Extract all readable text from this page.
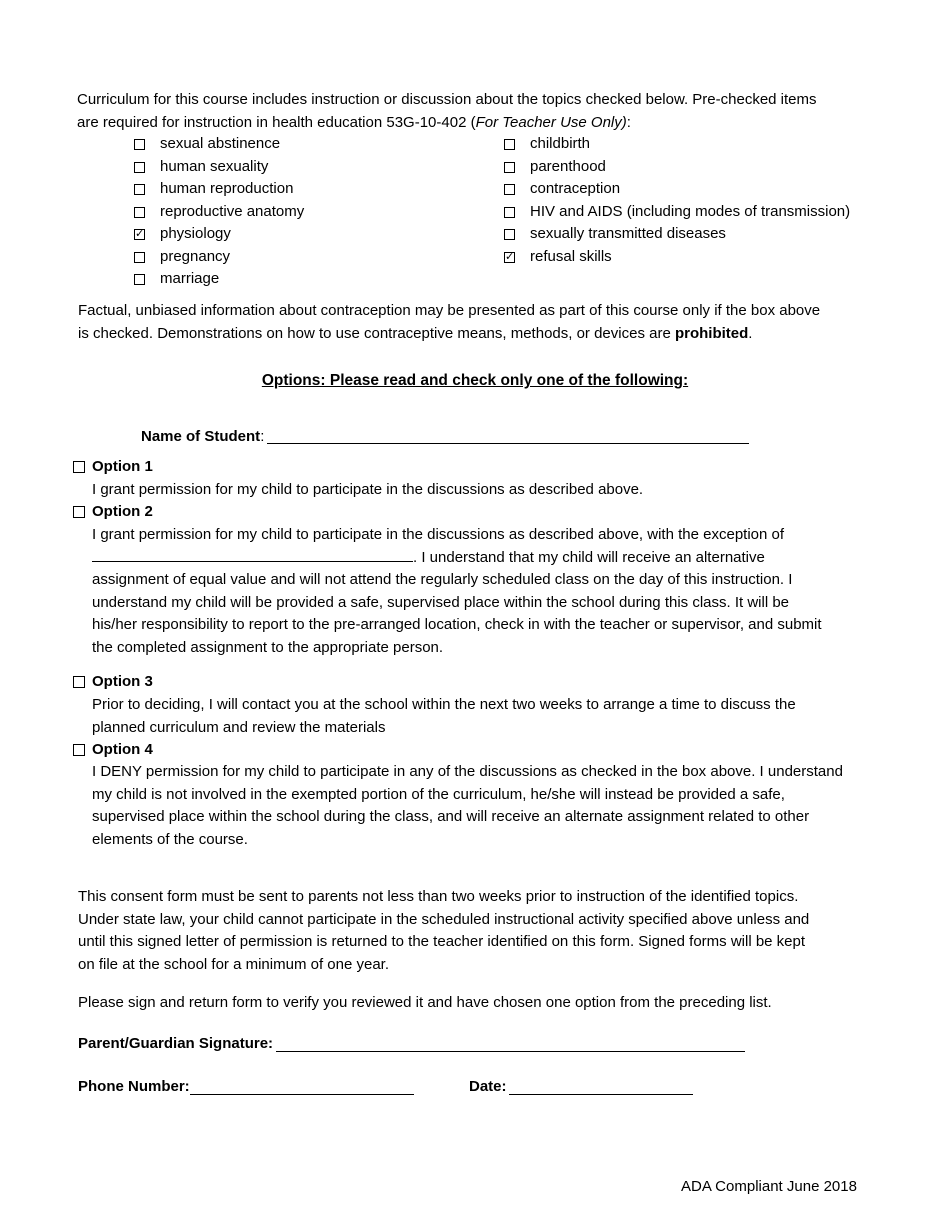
Curriculum for this course includes instruction or discussion about the topics checked below. Pre-checked items
are required for instruction in health education 53G-10-402 (For Teacher Use Only):
sexual abstinence
human sexuality
human reproduction
reproductive anatomy
✓ physiology
pregnancy
marriage
childbirth
parenthood
contraception
HIV and AIDS (including modes of transmission)
sexually transmitted diseases
✓ refusal skills
Factual, unbiased information about contraception may be presented as part of this course only if the box above
is checked. Demonstrations on how to use contraceptive means, methods, or devices are prohibited.
Options: Please read and check only one of the following:
Name of Student:
Option 1
I grant permission for my child to participate in the discussions as described above.
Option 2
I grant permission for my child to participate in the discussions as described above, with the exception of
. I understand that my child will receive an alternative
assignment of equal value and will not attend the regularly scheduled class on the day of this instruction. I
understand my child will be provided a safe, supervised place within the school during this class. It will be
his/her responsibility to report to the pre-arranged location, check in with the teacher or supervisor, and submit
the completed assignment to the appropriate person.
Option 3
Prior to deciding, I will contact you at the school within the next two weeks to arrange a time to discuss the
planned curriculum and review the materials
Option 4
I DENY permission for my child to participate in any of the discussions as checked in the box above. I understand
my child is not involved in the exempted portion of the curriculum, he/she will instead be provided a safe,
supervised place within the school during the class, and will receive an alternate assignment related to other
elements of the course.
This consent form must be sent to parents not less than two weeks prior to instruction of the identified topics.
Under state law, your child cannot participate in the scheduled instructional activity specified above unless and
until this signed letter of permission is returned to the teacher identified on this form. Signed forms will be kept
on file at the school for a minimum of one year.
Please sign and return form to verify you reviewed it and have chosen one option from the preceding list.
Parent/Guardian Signature:
Phone Number:	Date:
ADA Compliant June 2018
